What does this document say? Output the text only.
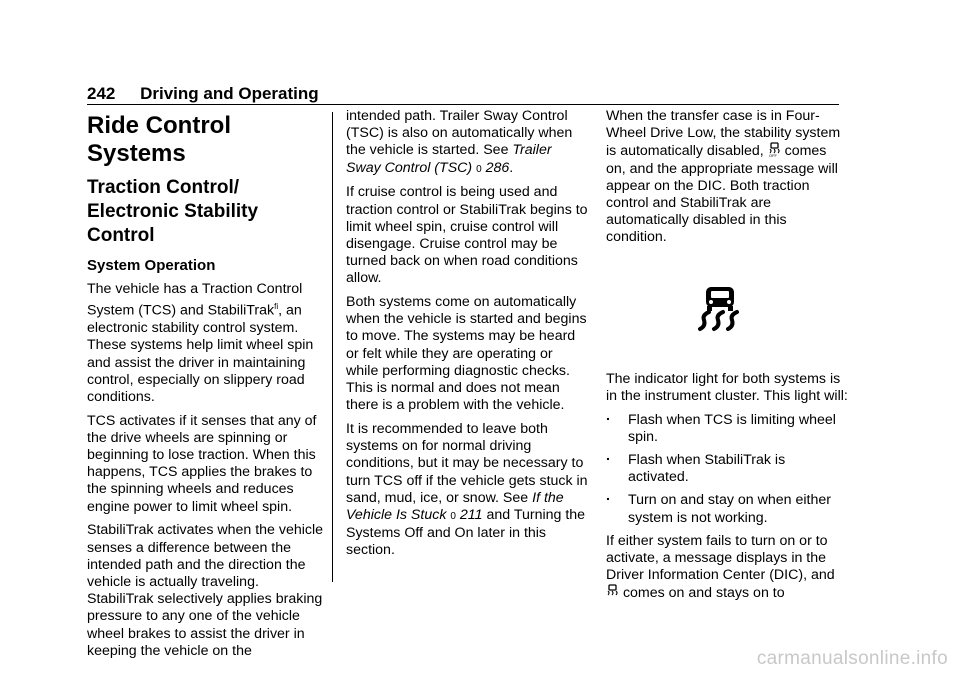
242 Driving and Operating
Ride Control Systems
Traction Control/
Electronic Stability
Control
System Operation

The vehicle has a Traction Control System (TCS) and StabiliTrak$^{fi}$, an electronic stability control system. These systems help limit wheel spin and assist the driver in maintaining control, especially on slippery road conditions.

TCS activates if it senses that any of the drive wheels are spinning or beginning to lose traction. When this happens, TCS applies the brakes to the spinning wheels and reduces engine power to limit wheel spin.

StabiliTrak activates when the vehicle senses a difference between the intended path and the direction the vehicle is actually traveling. StabiliTrak selectively applies braking pressure to any one of the vehicle wheel brakes to assist the driver in keeping the vehicle on the

intended path. Trailer Sway Control (TSC) is also on automatically when the vehicle is started. See Trailer Sway Control (TSC) 0 286.

If cruise control is being used and traction control or StabiliTrak begins to limit wheel spin, cruise control will disengage. Cruise control may be turned back on when road conditions allow.

Both systems come on automatically when the vehicle is started and begins to move. The systems may be heard or felt while they are operating or while performing diagnostic checks. This is normal and does not mean there is a problem with the vehicle.

It is recommended to leave both systems on for normal driving conditions, but it may be necessary to turn TCS off if the vehicle gets stuck in sand, mud, ice, or snow. See If the Vehicle Is Stuck 0 211 and Turning the Systems Off and On later in this section.

When the transfer case is in Four-Wheel Drive Low, the stability system is automatically disabled, OFF comes on, and the appropriate message will appear on the DIC. Both traction control and StabiliTrak are automatically disabled in this condition.

The indicator light for both systems is in the instrument cluster. This light will:

. Flash when TCS is limiting wheel spin.
. Flash when StabiliTrak is activated.
. Turn on and stay on when either system is not working.

If either system fails to turn on or to activate, a message displays in the Driver Information Center (DIC), and  comes on and stays on to

carmanualsonline.info
